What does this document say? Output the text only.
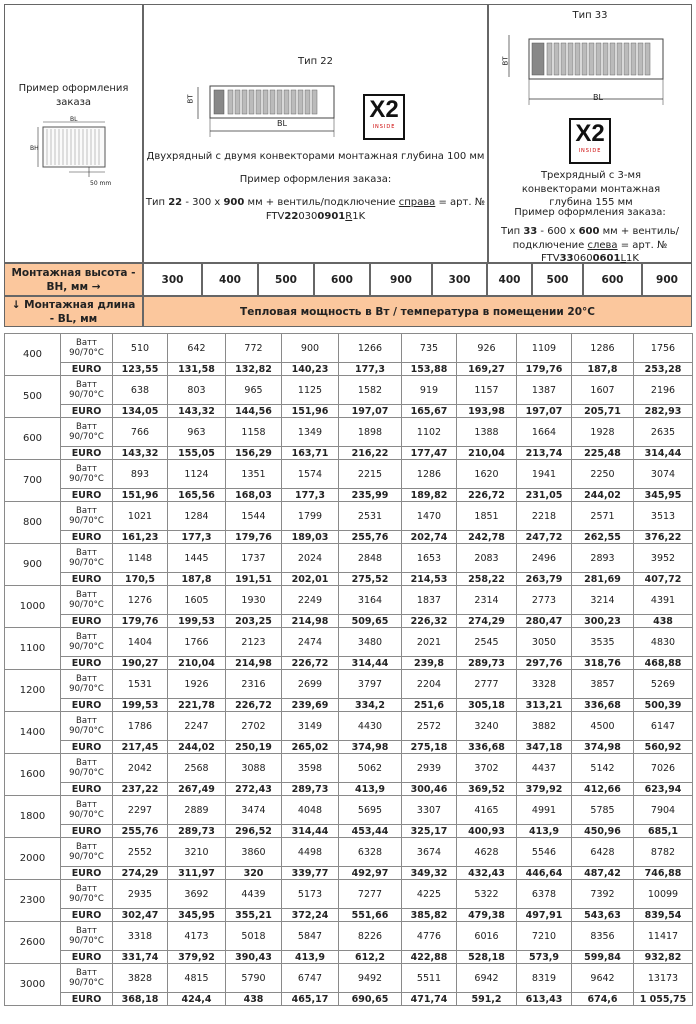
Пример оформления заказа
BL
BH
50 mm
Тип 22
BT
BL
X2
INSIDE
Двухрядный с двумя конвекторами монтажная глубина 100 мм
Пример оформления заказа:
Тип 22 - 300 х 900 мм + вентиль/подключение справа = арт. №
FTV220300901R1K
Тип 33
BT
BL
X2
INSIDE
Трехрядный с 3-мя конвекторами монтажная глубина 155 мм
Пример оформления заказа:
Тип 33 - 600 х 600 мм + вентиль/ подключение слева = арт. № FTV330600601L1K
Монтажная высота - ВН, мм →
300	400	500	600	900	300	400	500	600	900
↓ Монтажная длина - BL, мм
Тепловая мощность в Вт / температура в помещении 20°С
400	Ватт 90/70°C	510	642	772	900	1266	735	926	1109	1286	1756
	EURO	123,55	131,58	132,82	140,23	177,3	153,88	169,27	179,76	187,8	253,28
500	Ватт 90/70°C	638	803	965	1125	1582	919	1157	1387	1607	2196
	EURO	134,05	143,32	144,56	151,96	197,07	165,67	193,98	197,07	205,71	282,93
600	Ватт 90/70°C	766	963	1158	1349	1898	1102	1388	1664	1928	2635
	EURO	143,32	155,05	156,29	163,71	216,22	177,47	210,04	213,74	225,48	314,44
700	Ватт 90/70°C	893	1124	1351	1574	2215	1286	1620	1941	2250	3074
	EURO	151,96	165,56	168,03	177,3	235,99	189,82	226,72	231,05	244,02	345,95
800	Ватт 90/70°C	1021	1284	1544	1799	2531	1470	1851	2218	2571	3513
	EURO	161,23	177,3	179,76	189,03	255,76	202,74	242,78	247,72	262,55	376,22
900	Ватт 90/70°C	1148	1445	1737	2024	2848	1653	2083	2496	2893	3952
	EURO	170,5	187,8	191,51	202,01	275,52	214,53	258,22	263,79	281,69	407,72
1000	Ватт 90/70°C	1276	1605	1930	2249	3164	1837	2314	2773	3214	4391
	EURO	179,76	199,53	203,25	214,98	509,65	226,32	274,29	280,47	300,23	438
1100	Ватт 90/70°C	1404	1766	2123	2474	3480	2021	2545	3050	3535	4830
	EURO	190,27	210,04	214,98	226,72	314,44	239,8	289,73	297,76	318,76	468,88
1200	Ватт 90/70°C	1531	1926	2316	2699	3797	2204	2777	3328	3857	5269
	EURO	199,53	221,78	226,72	239,69	334,2	251,6	305,18	313,21	336,68	500,39
1400	Ватт 90/70°C	1786	2247	2702	3149	4430	2572	3240	3882	4500	6147
	EURO	217,45	244,02	250,19	265,02	374,98	275,18	336,68	347,18	374,98	560,92
1600	Ватт 90/70°C	2042	2568	3088	3598	5062	2939	3702	4437	5142	7026
	EURO	237,22	267,49	272,43	289,73	413,9	300,46	369,52	379,92	412,66	623,94
1800	Ватт 90/70°C	2297	2889	3474	4048	5695	3307	4165	4991	5785	7904
	EURO	255,76	289,73	296,52	314,44	453,44	325,17	400,93	413,9	450,96	685,1
2000	Ватт 90/70°C	2552	3210	3860	4498	6328	3674	4628	5546	6428	8782
	EURO	274,29	311,97	320	339,77	492,97	349,32	432,43	446,64	487,42	746,88
2300	Ватт 90/70°C	2935	3692	4439	5173	7277	4225	5322	6378	7392	10099
	EURO	302,47	345,95	355,21	372,24	551,66	385,82	479,38	497,91	543,63	839,54
2600	Ватт 90/70°C	3318	4173	5018	5847	8226	4776	6016	7210	8356	11417
	EURO	331,74	379,92	390,43	413,9	612,2	422,88	528,18	573,9	599,84	932,82
3000	Ватт 90/70°C	3828	4815	5790	6747	9492	5511	6942	8319	9642	13173
	EURO	368,18	424,4	438	465,17	690,65	471,74	591,2	613,43	674,6	1 055,75
